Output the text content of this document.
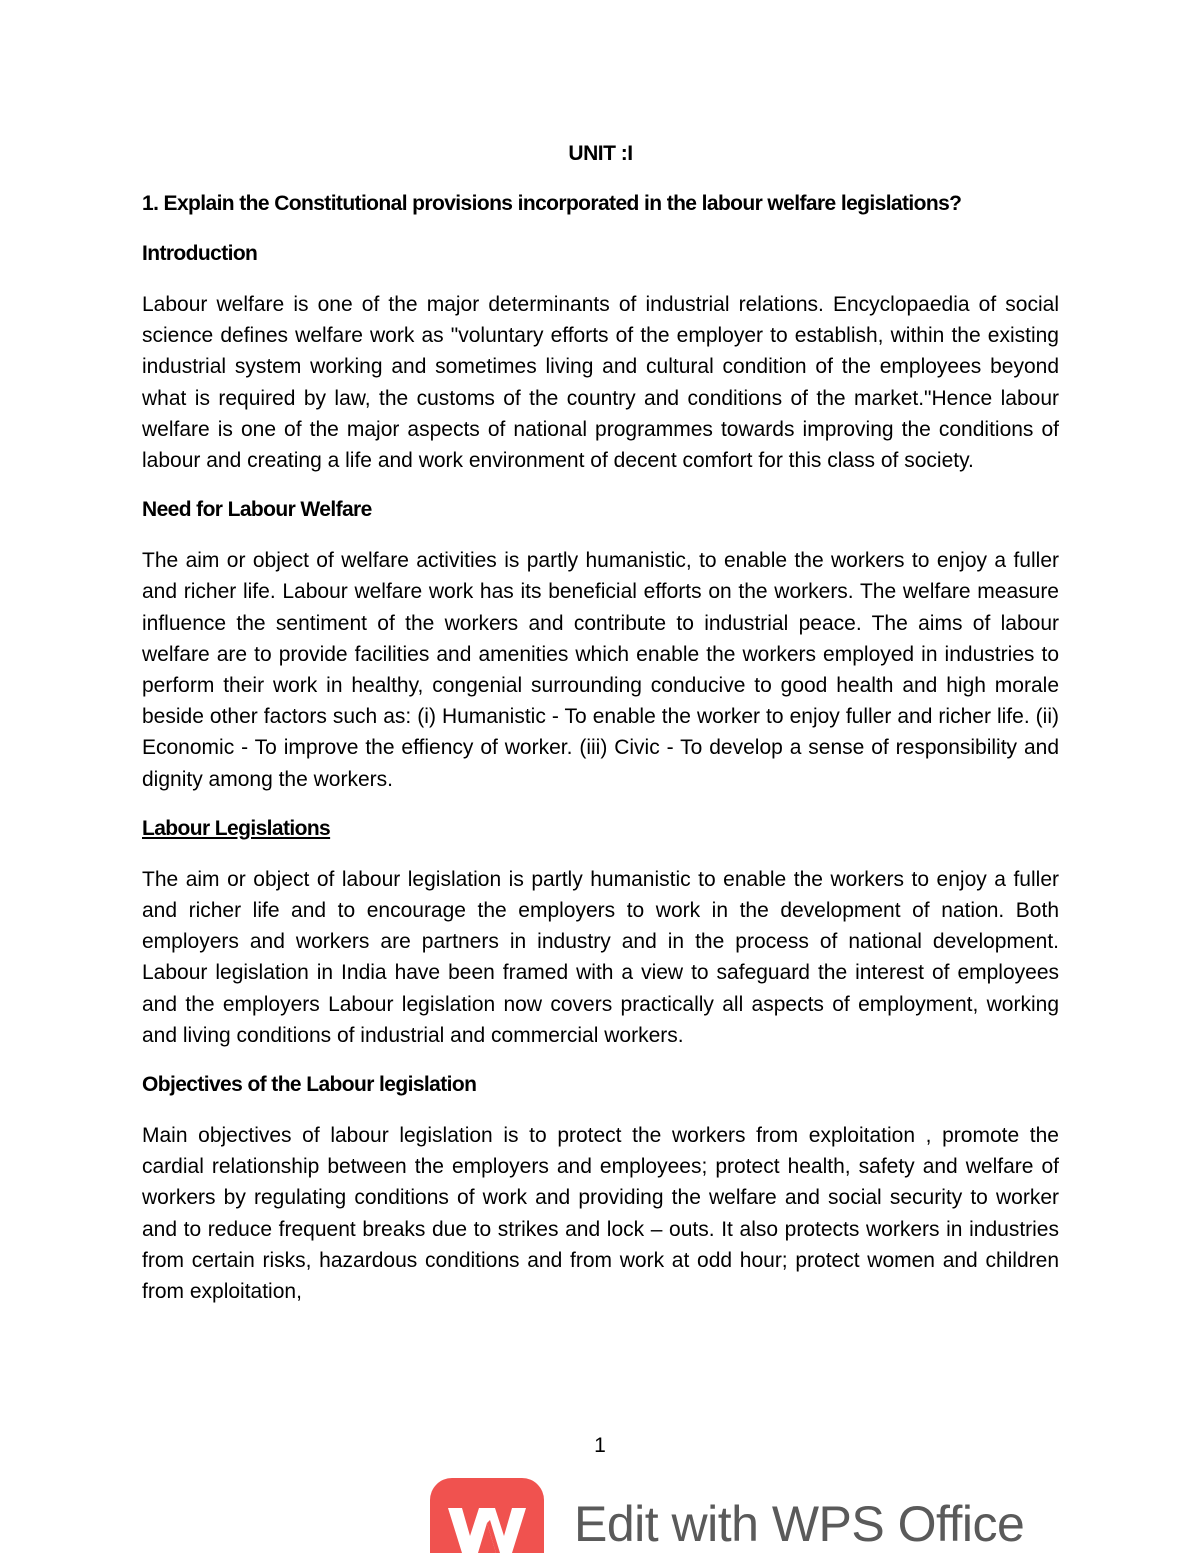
UNIT :I
1. Explain the Constitutional provisions incorporated in the labour welfare legislations?
Introduction

Labour welfare is one of the major determinants of industrial relations. Encyclopaedia of social science defines welfare work as "voluntary efforts of the employer to establish, within the existing industrial system working and sometimes living and cultural condition of the employees beyond what is required by law, the customs of the country and conditions of the market."Hence labour welfare is one of the major aspects of national programmes towards improving the conditions of labour and creating a life and work environment of decent comfort for this class of society.

Need for Labour Welfare

The aim or object of welfare activities is partly humanistic, to enable the workers to enjoy a fuller and richer life. Labour welfare work has its beneficial efforts on the workers. The welfare measure influence the sentiment of the workers and contribute to industrial peace. The aims of labour welfare are to provide facilities and amenities which enable the workers employed in industries to perform their work in healthy, congenial surrounding conducive to good health and high morale beside other factors such as: (i) Humanistic - To enable the worker to enjoy fuller and richer life. (ii) Economic - To improve the effiency of worker. (iii) Civic - To develop a sense of responsibility and dignity among the workers.

Labour Legislations

The aim or object of labour legislation is partly humanistic to enable the workers to enjoy a fuller and richer life and to encourage the employers to work in the development of nation. Both employers and workers are partners in industry and in the process of national development. Labour legislation in India have been framed with a view to safeguard the interest of employees and the employers Labour legislation now covers practically all aspects of employment, working and living conditions of industrial and commercial workers.

Objectives of the Labour legislation

Main objectives of labour legislation is to protect the workers from exploitation , promote the cardial relationship between the employers and employees; protect health, safety and welfare of workers by regulating conditions of work and providing the welfare and social security to worker and to reduce frequent breaks due to strikes and lock – outs. It also protects workers in industries from certain risks, hazardous conditions and from work at odd hour; protect women and children from exploitation,

1
Edit with WPS Office
